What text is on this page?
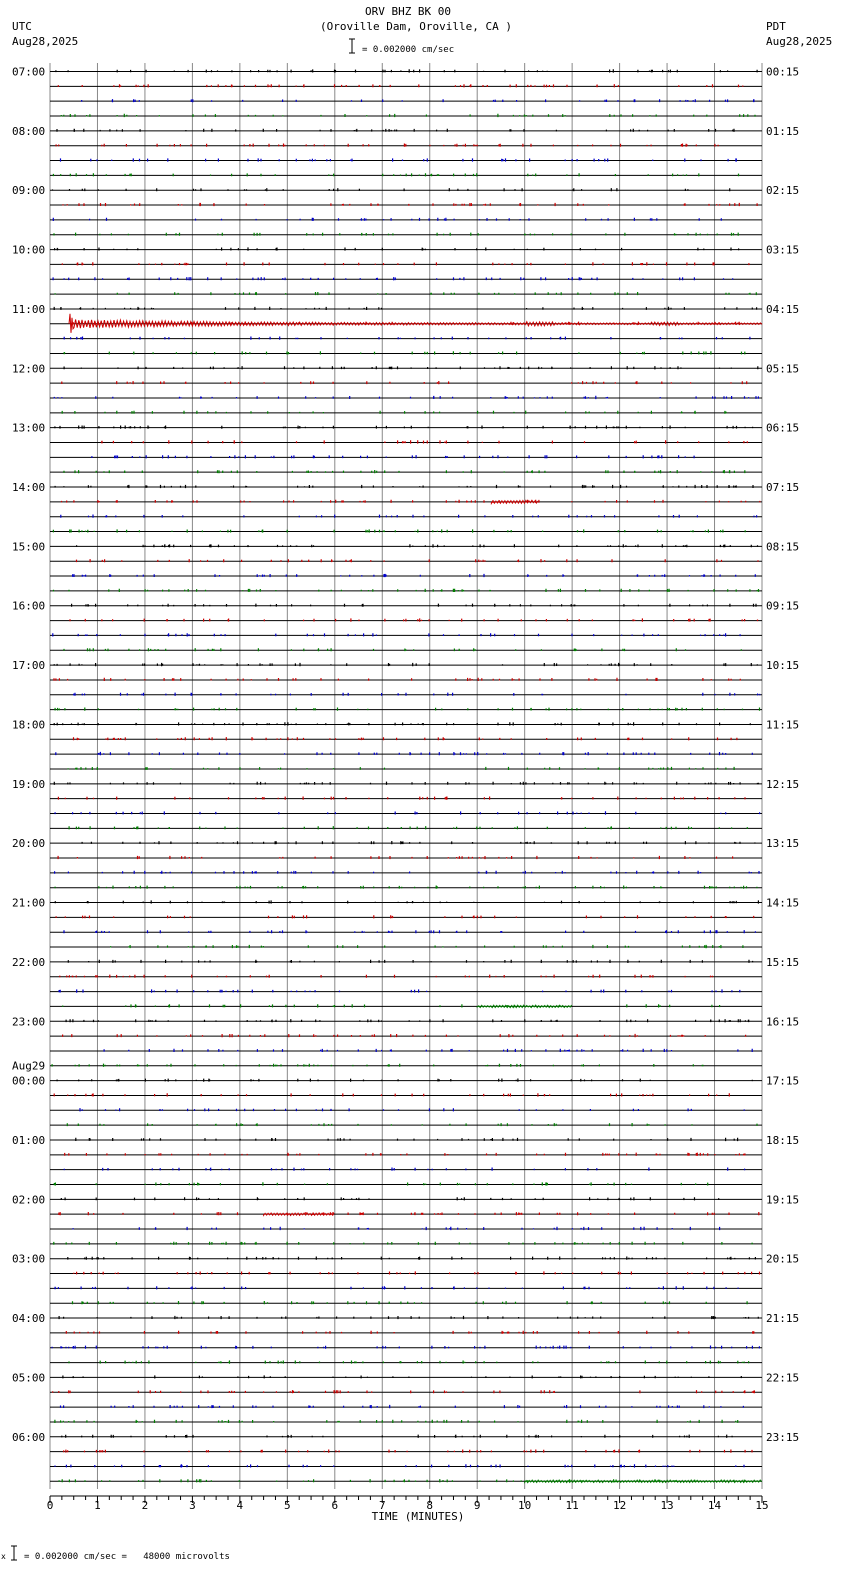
ORV BHZ BK 00
(Oroville Dam, Oroville, CA )
UTC
Aug28,2025
PDT
Aug28,2025
= 0.002000 cm/sec
07:00
08:00
09:00
10:00
11:00
12:00
13:00
14:00
15:00
16:00
17:00
18:00
19:00
20:00
21:00
22:00
23:00
00:00
Aug29
01:00
02:00
03:00
04:00
05:00
06:00
00:15
01:15
02:15
03:15
04:15
05:15
06:15
07:15
08:15
09:15
10:15
11:15
12:15
13:15
14:15
15:15
16:15
17:15
18:15
19:15
20:15
21:15
22:15
23:15
0	1	2	3	4	5	6	7	8	9	10	11	12	13	14	15
TIME (MINUTES)
x = 0.002000 cm/sec =   48000 microvolts
